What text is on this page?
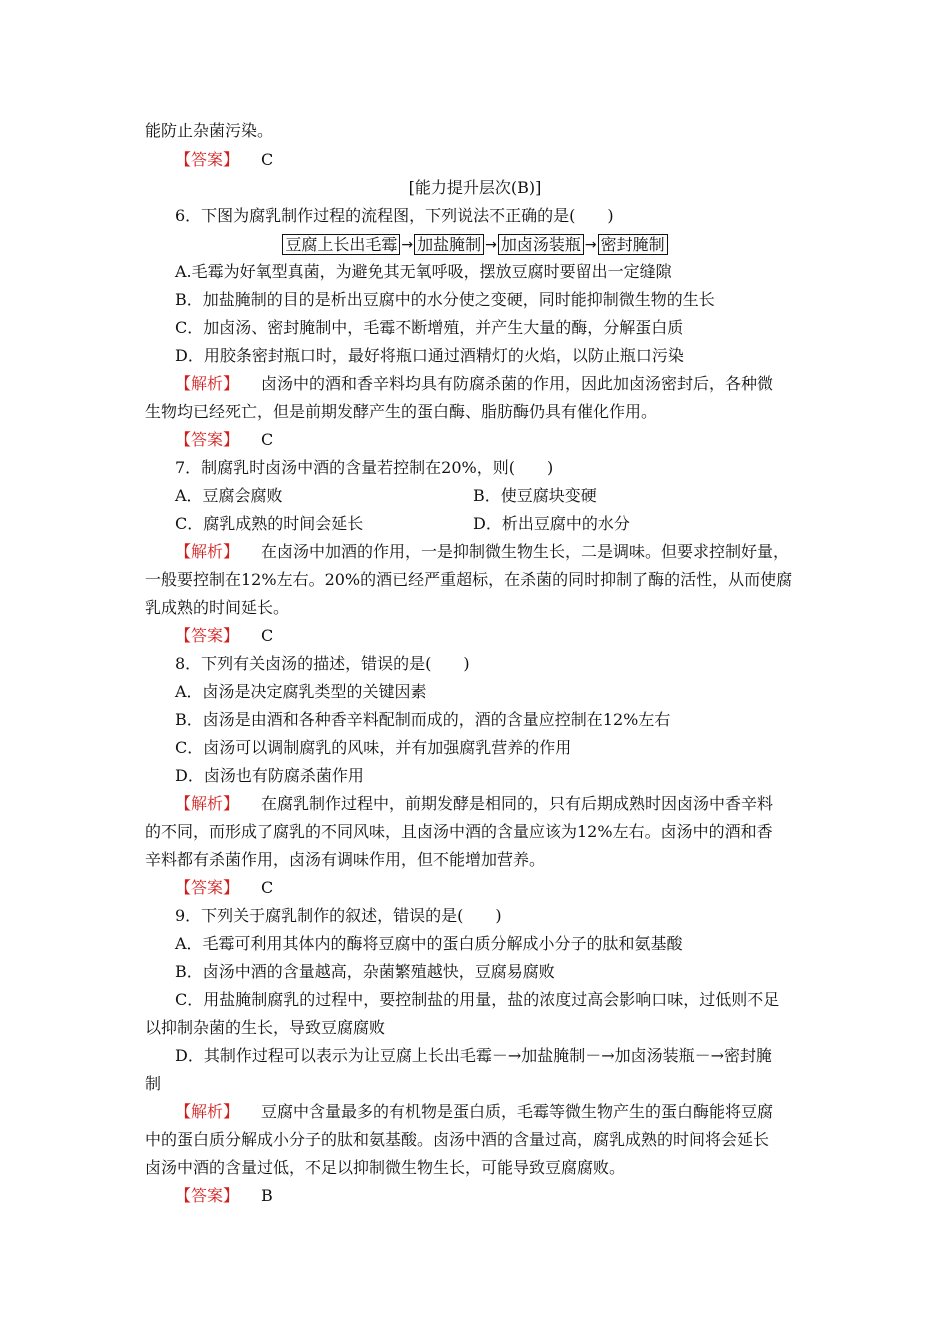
能防止杂菌污染。
【答案】 C
[能力提升层次(B)]
6．下图为腐乳制作过程的流程图，下列说法不正确的是(　　)
豆腐上长出毛霉 → 加盐腌制 → 加卤汤装瓶 → 密封腌制
A.毛霉为好氧型真菌，为避免其无氧呼吸，摆放豆腐时要留出一定缝隙
B．加盐腌制的目的是析出豆腐中的水分使之变硬，同时能抑制微生物的生长
C．加卤汤、密封腌制中，毛霉不断增殖，并产生大量的酶，分解蛋白质
D．用胶条密封瓶口时，最好将瓶口通过酒精灯的火焰，以防止瓶口污染
【解析】 卤汤中的酒和香辛料均具有防腐杀菌的作用，因此加卤汤密封后，各种微
生物均已经死亡，但是前期发酵产生的蛋白酶、脂肪酶仍具有催化作用。
【答案】 C
7．制腐乳时卤汤中酒的含量若控制在20%，则(　　)
A．豆腐会腐败	B．使豆腐块变硬
C．腐乳成熟的时间会延长	D．析出豆腐中的水分
【解析】 在卤汤中加酒的作用，一是抑制微生物生长，二是调味。但要求控制好量，
一般要控制在12%左右。20%的酒已经严重超标，在杀菌的同时抑制了酶的活性，从而使腐
乳成熟的时间延长。
【答案】 C
8．下列有关卤汤的描述，错误的是(　　)
A．卤汤是决定腐乳类型的关键因素
B．卤汤是由酒和各种香辛料配制而成的，酒的含量应控制在12%左右
C．卤汤可以调制腐乳的风味，并有加强腐乳营养的作用
D．卤汤也有防腐杀菌作用
【解析】 在腐乳制作过程中，前期发酵是相同的，只有后期成熟时因卤汤中香辛料
的不同，而形成了腐乳的不同风味，且卤汤中酒的含量应该为12%左右。卤汤中的酒和香
辛料都有杀菌作用，卤汤有调味作用，但不能增加营养。
【答案】 C
9．下列关于腐乳制作的叙述，错误的是(　　)
A．毛霉可利用其体内的酶将豆腐中的蛋白质分解成小分子的肽和氨基酸
B．卤汤中酒的含量越高，杂菌繁殖越快，豆腐易腐败
C．用盐腌制腐乳的过程中，要控制盐的用量，盐的浓度过高会影响口味，过低则不足
以抑制杂菌的生长，导致豆腐腐败
D．其制作过程可以表示为让豆腐上长出毛霉－→加盐腌制－→加卤汤装瓶－→密封腌
制
【解析】 豆腐中含量最多的有机物是蛋白质，毛霉等微生物产生的蛋白酶能将豆腐
中的蛋白质分解成小分子的肽和氨基酸。卤汤中酒的含量过高，腐乳成熟的时间将会延长
卤汤中酒的含量过低，不足以抑制微生物生长，可能导致豆腐腐败。
【答案】 B
